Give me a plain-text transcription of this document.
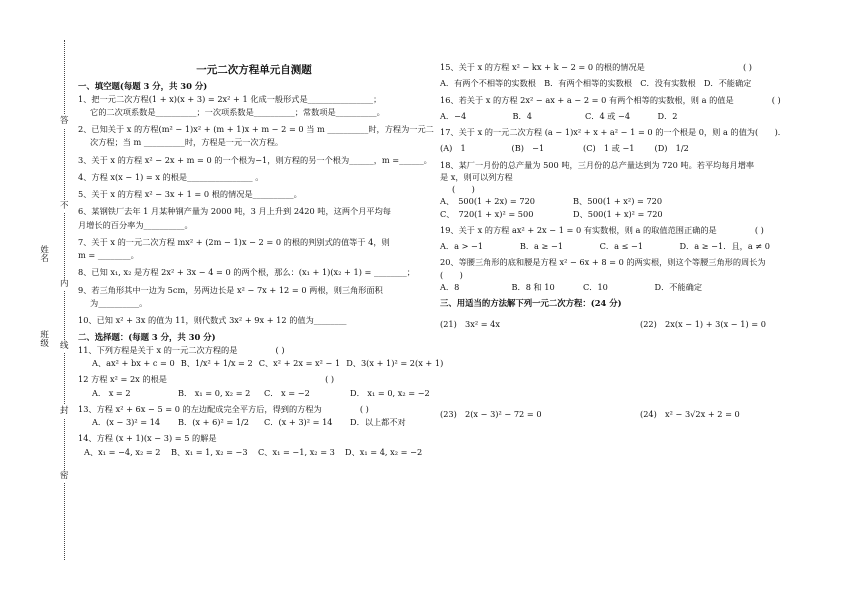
答
不
内
线
封
密
姓名
班级
一元二次方程单元自测题
一、填空题(每题 3 分，共 30 分)
1、把一元二次方程(1 + x)(x + 3) = 2x² + 1 化成一般形式是________________；
它的二次项系数是__________；一次项系数是__________；常数项是__________。
2、已知关于 x 的方程(m² − 1)x² + (m + 1)x + m − 2 = 0 当 m __________时，方程为一元二
次方程；当 m __________时，方程是一元一次方程。
3、关于 x 的方程 x² − 2x + m = 0 的一个根为−1，则方程的另一个根为______，m =______。
4、方程 x(x − 1) = x 的根是________________ 。
5、关于 x 的方程 x² − 3x + 1 = 0 根的情况是__________。
6、某钢铁厂去年 1 月某种钢产量为 2000 吨，3 月上升到 2420 吨，这两个月平均每
月增长的百分率为__________。
7、关于 x 的一元二次方程 mx² + (2m − 1)x − 2 = 0 的根的判别式的值等于 4，则
m = ________。
8、已知 x₁, x₂ 是方程 2x² + 3x − 4 = 0 的两个根，那么：(x₁ + 1)(x₂ + 1) = ________；
9、若三角形其中一边为 5cm，另两边长是 x² − 7x + 12 = 0 两根，则三角形面积
为__________。
10、已知 x² + 3x 的值为 11，则代数式 3x² + 9x + 12 的值为________
二、选择题：(每题 3 分，共 30 分)
11、下列方程是关于 x 的一元二次方程的是	( )
A、ax² + bx + c = 0 B、1/x² + 1/x = 2 C、x² + 2x = x² − 1 D、3(x + 1)² = 2(x + 1)
12 方程 x² = 2x 的根是	( )
A． x = 2	B． x₁ = 0, x₂ = 2	C． x = −2	D． x₁ = 0, x₂ = −2
13、方程 x² + 6x − 5 = 0 的左边配成完全平方后，得到的方程为	( )
A．(x − 3)² = 14	B．(x + 6)² = 1/2	C．(x + 3)² = 14	D．以上都不对
14、方程 (x + 1)(x − 3) = 5 的解是
A、x₁ = −4, x₂ = 2	B、x₁ = 1, x₂ = −3	C、x₁ = −1, x₂ = 3	D、x₁ = 4, x₂ = −2
15、关于 x 的方程 x² − kx + k − 2 = 0 的根的情况是	( )
A．有两个不相等的实数根　B．有两个相等的实数根　C．没有实数根　D．不能确定
16、若关于 x 的方程 2x² − ax + a − 2 = 0 有两个相等的实数根，则 a 的值是	( )
A．−4	B．4	C．4 或 −4	D．2
17、关于 x 的一元二次方程 (a − 1)x² + x + a² − 1 = 0 的一个根是 0，则 a 的值为(　　)．
(A)　1	(B)　−1	(C)　1 或 −1	(D)　1/2
18、某厂一月份的总产量为 500 吨，三月份的总产量达到为 720 吨。若平均每月增率
是 x，则可以列方程
(　　)
A、　500(1 + 2x) = 720	B、500(1 + x²) = 720
C、　720(1 + x)² = 500	D、500(1 + x)² = 720
19、关于 x 的方程 ax² + 2x − 1 = 0 有实数根，则 a 的取值范围正确的是	( )
A．a > −1	B．a ≥ −1	C．a ≤ −1	D．a ≥ −1．且，a ≠ 0
20、等腰三角形的底和腰是方程 x² − 6x + 8 = 0 的两实根，则这个等腰三角形的周长为
(　　)
A．8	B．8 和 10	C．10	D．不能确定
三、用适当的方法解下列一元二次方程：(24 分)
(21)　3x² = 4x	(22)　2x(x − 1) + 3(x − 1) = 0
(23)　2(x − 3)² − 72 = 0	(24)　x² − 3√2x + 2 = 0
